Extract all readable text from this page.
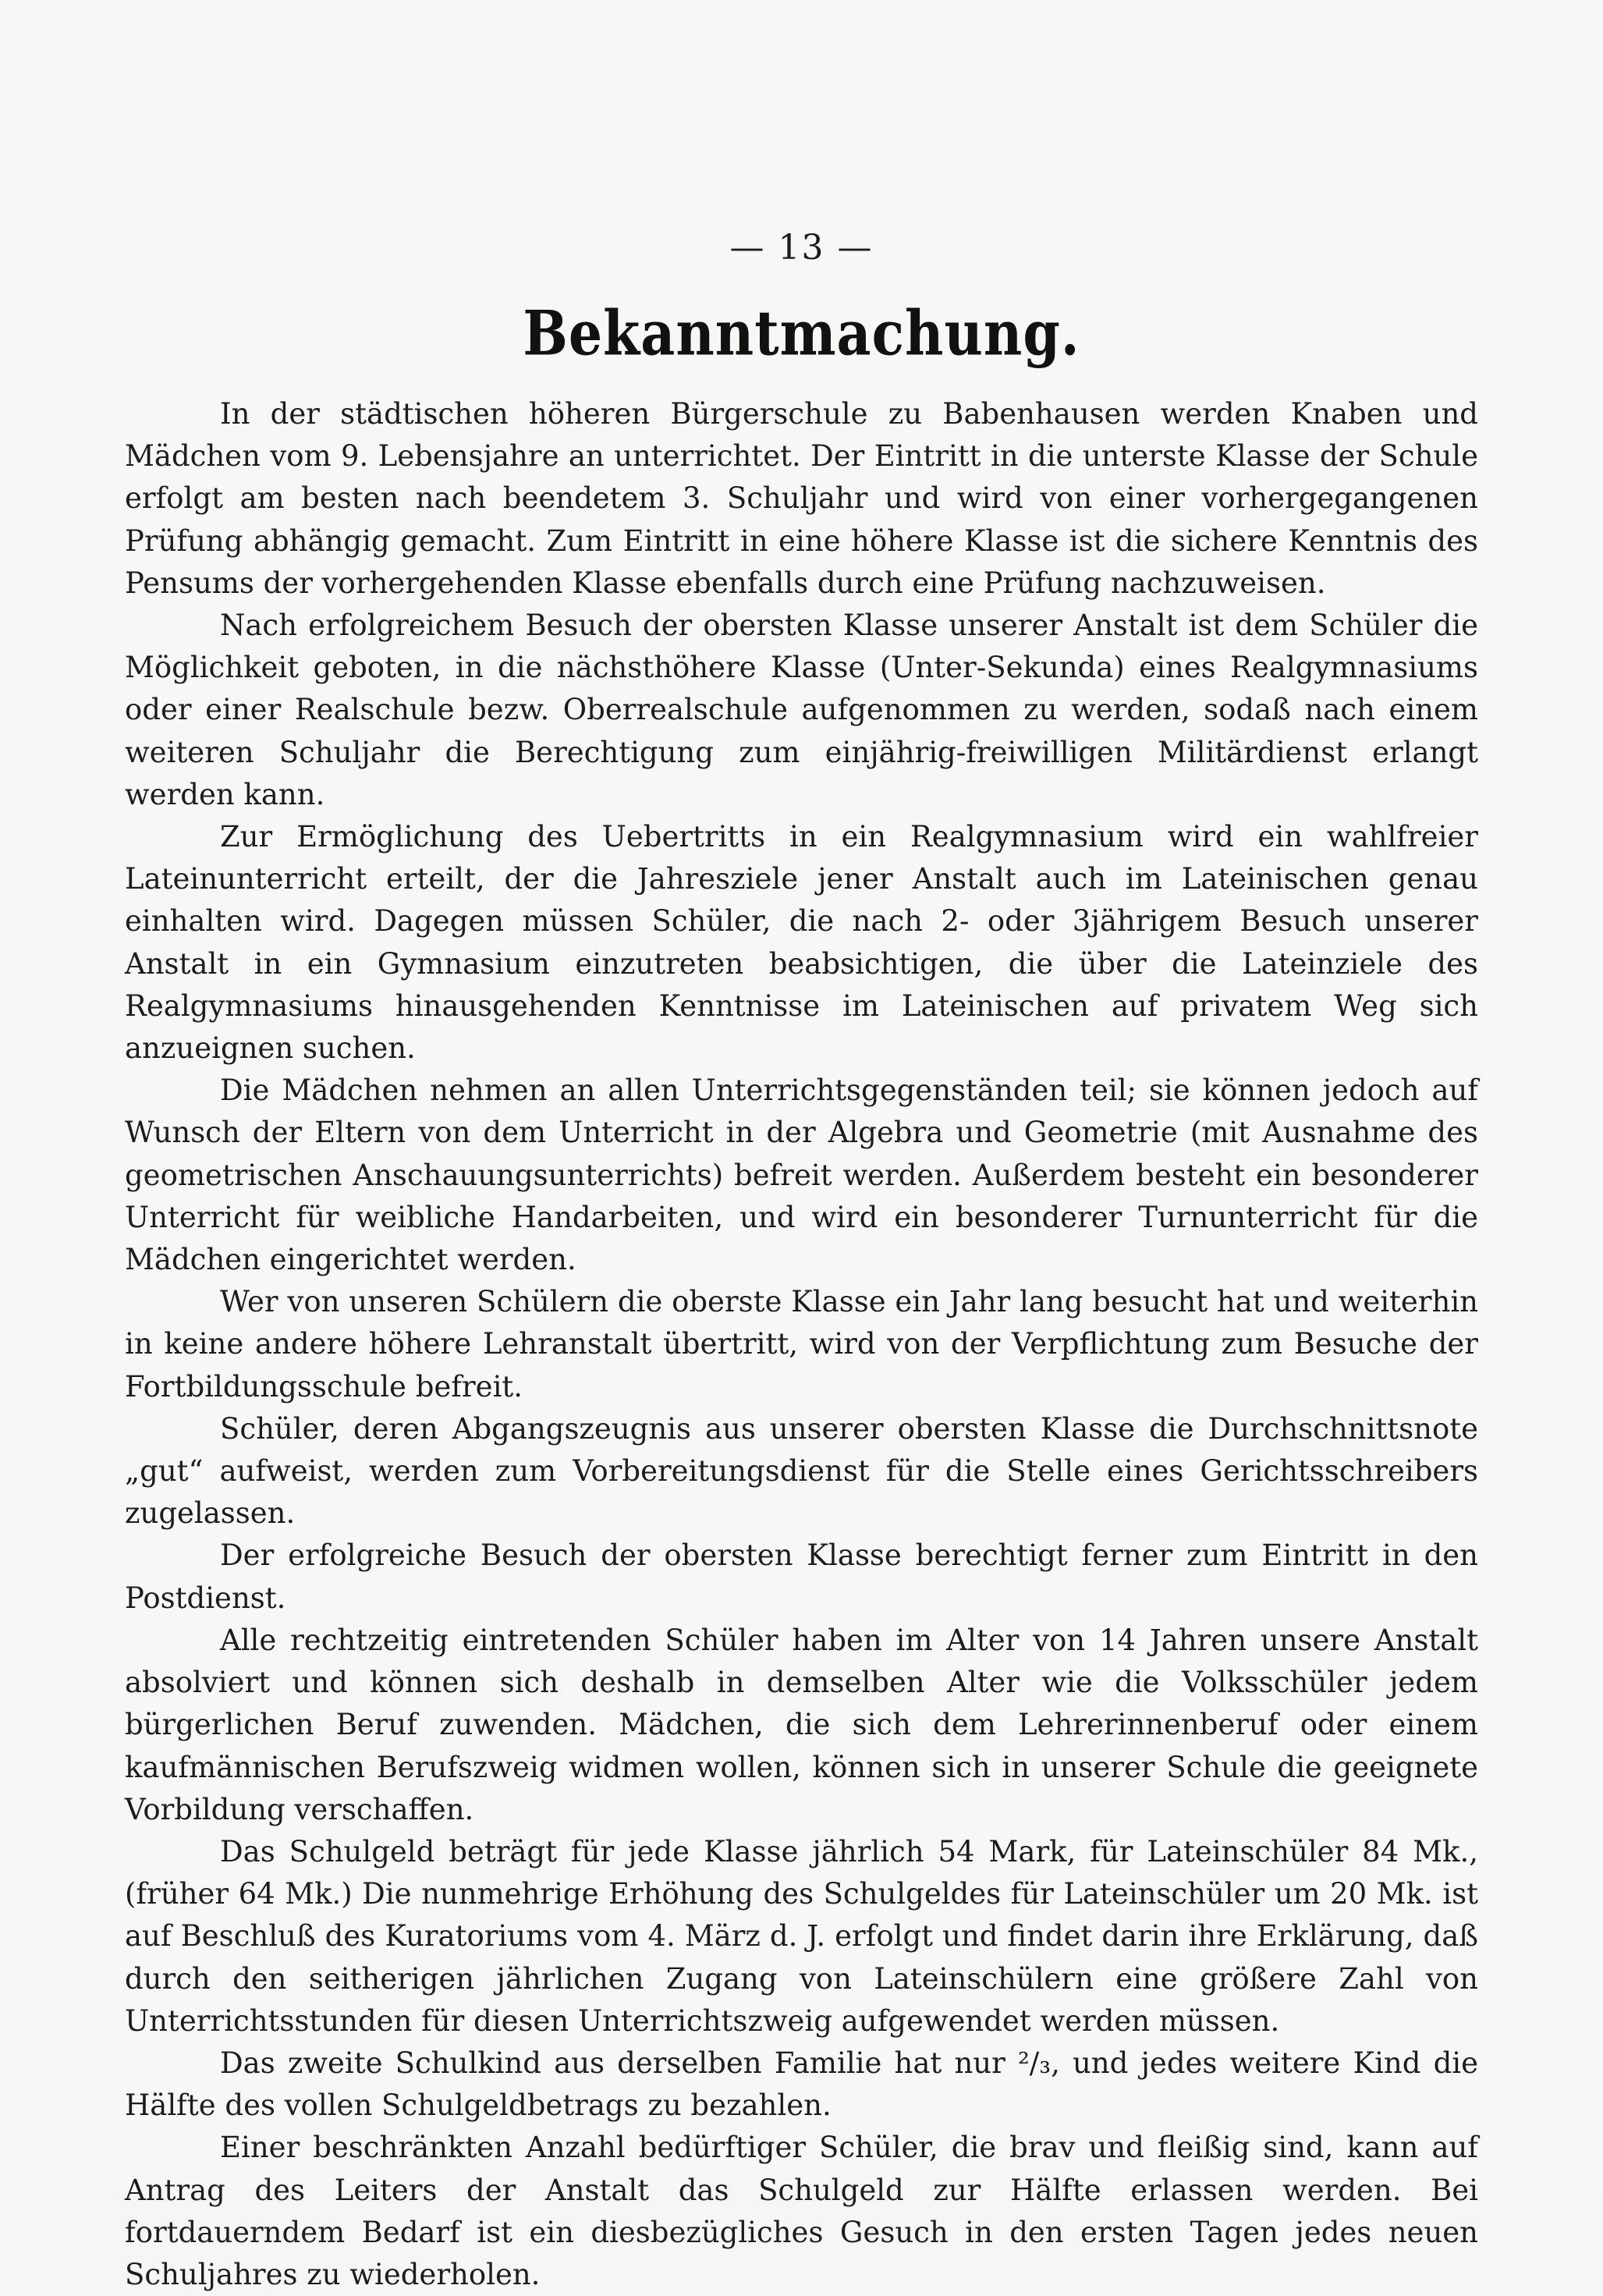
— 13 —
Bekanntmachung.

In der städtischen höheren Bürgerschule zu Babenhausen werden Knaben und Mädchen vom 9. Lebensjahre an unterrichtet. Der Eintritt in die unterste Klasse der Schule erfolgt am besten nach beendetem 3. Schuljahr und wird von einer vorhergegangenen Prüfung abhängig gemacht. Zum Eintritt in eine höhere Klasse ist die sichere Kenntnis des Pensums der vorhergehenden Klasse ebenfalls durch eine Prüfung nachzuweisen.

Nach erfolgreichem Besuch der obersten Klasse unserer Anstalt ist dem Schüler die Möglichkeit geboten, in die nächsthöhere Klasse (Unter-Sekunda) eines Realgymnasiums oder einer Realschule bezw. Oberrealschule aufgenommen zu werden, sodaß nach einem weiteren Schuljahr die Berechtigung zum einjährig-freiwilligen Militärdienst erlangt werden kann.

Zur Ermöglichung des Uebertritts in ein Realgymnasium wird ein wahlfreier Lateinunterricht erteilt, der die Jahresziele jener Anstalt auch im Lateinischen genau einhalten wird. Dagegen müssen Schüler, die nach 2- oder 3jährigem Besuch unserer Anstalt in ein Gymnasium einzutreten beabsichtigen, die über die Lateinziele des Realgymnasiums hinausgehenden Kenntnisse im Lateinischen auf privatem Weg sich anzueignen suchen.

Die Mädchen nehmen an allen Unterrichtsgegenständen teil; sie können jedoch auf Wunsch der Eltern von dem Unterricht in der Algebra und Geometrie (mit Ausnahme des geometrischen Anschauungsunterrichts) befreit werden. Außerdem besteht ein besonderer Unterricht für weibliche Handarbeiten, und wird ein besonderer Turnunterricht für die Mädchen eingerichtet werden.

Wer von unseren Schülern die oberste Klasse ein Jahr lang besucht hat und weiterhin in keine andere höhere Lehranstalt übertritt, wird von der Verpflichtung zum Besuche der Fortbildungsschule befreit.

Schüler, deren Abgangszeugnis aus unserer obersten Klasse die Durchschnittsnote „gut“ aufweist, werden zum Vorbereitungsdienst für die Stelle eines Gerichtsschreibers zugelassen.

Der erfolgreiche Besuch der obersten Klasse berechtigt ferner zum Eintritt in den Postdienst.

Alle rechtzeitig eintretenden Schüler haben im Alter von 14 Jahren unsere Anstalt absolviert und können sich deshalb in demselben Alter wie die Volksschüler jedem bürgerlichen Beruf zuwenden. Mädchen, die sich dem Lehrerinnenberuf oder einem kaufmännischen Berufszweig widmen wollen, können sich in unserer Schule die geeignete Vorbildung verschaffen.

Das Schulgeld beträgt für jede Klasse jährlich 54 Mark, für Lateinschüler 84 Mk., (früher 64 Mk.) Die nunmehrige Erhöhung des Schulgeldes für Lateinschüler um 20 Mk. ist auf Beschluß des Kuratoriums vom 4. März d. J. erfolgt und findet darin ihre Erklärung, daß durch den seitherigen jährlichen Zugang von Lateinschülern eine größere Zahl von Unterrichtsstunden für diesen Unterrichtszweig aufgewendet werden müssen.

Das zweite Schulkind aus derselben Familie hat nur ²/₃, und jedes weitere Kind die Hälfte des vollen Schulgeldbetrags zu bezahlen.

Einer beschränkten Anzahl bedürftiger Schüler, die brav und fleißig sind, kann auf Antrag des Leiters der Anstalt das Schulgeld zur Hälfte erlassen werden. Bei fortdauerndem Bedarf ist ein diesbezügliches Gesuch in den ersten Tagen jedes neuen Schuljahres zu wiederholen.
